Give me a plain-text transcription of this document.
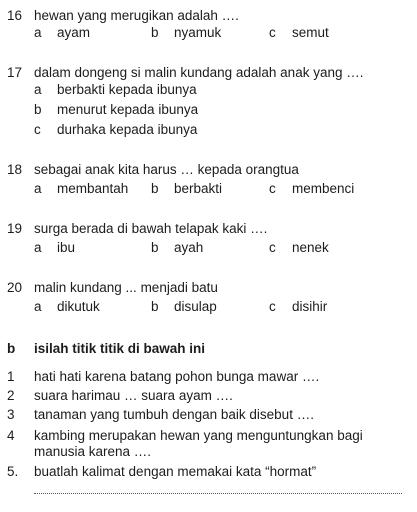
16 hewan yang merugikan adalah ….
a ayam	b nyamuk	c semut
17 dalam dongeng si malin kundang adalah anak yang ….
a berbakti kepada ibunya
b menurut kepada ibunya
c durhaka kepada ibunya
18 sebagai anak kita harus … kepada orangtua
a membantah b berbakti	c membenci
19 surga berada di bawah telapak kaki ….
a ibu	b ayah	c nenek
20 malin kundang ... menjadi batu
a dikutuk	b disulap	c disihir
b isilah titik titik di bawah ini
1 hati hati karena batang pohon bunga mawar ….
2 suara harimau … suara ayam ….
3 tanaman yang tumbuh dengan baik disebut ….
4 kambing merupakan hewan yang menguntungkan bagi
manusia karena ….
5. buatlah kalimat dengan memakai kata “hormat”
